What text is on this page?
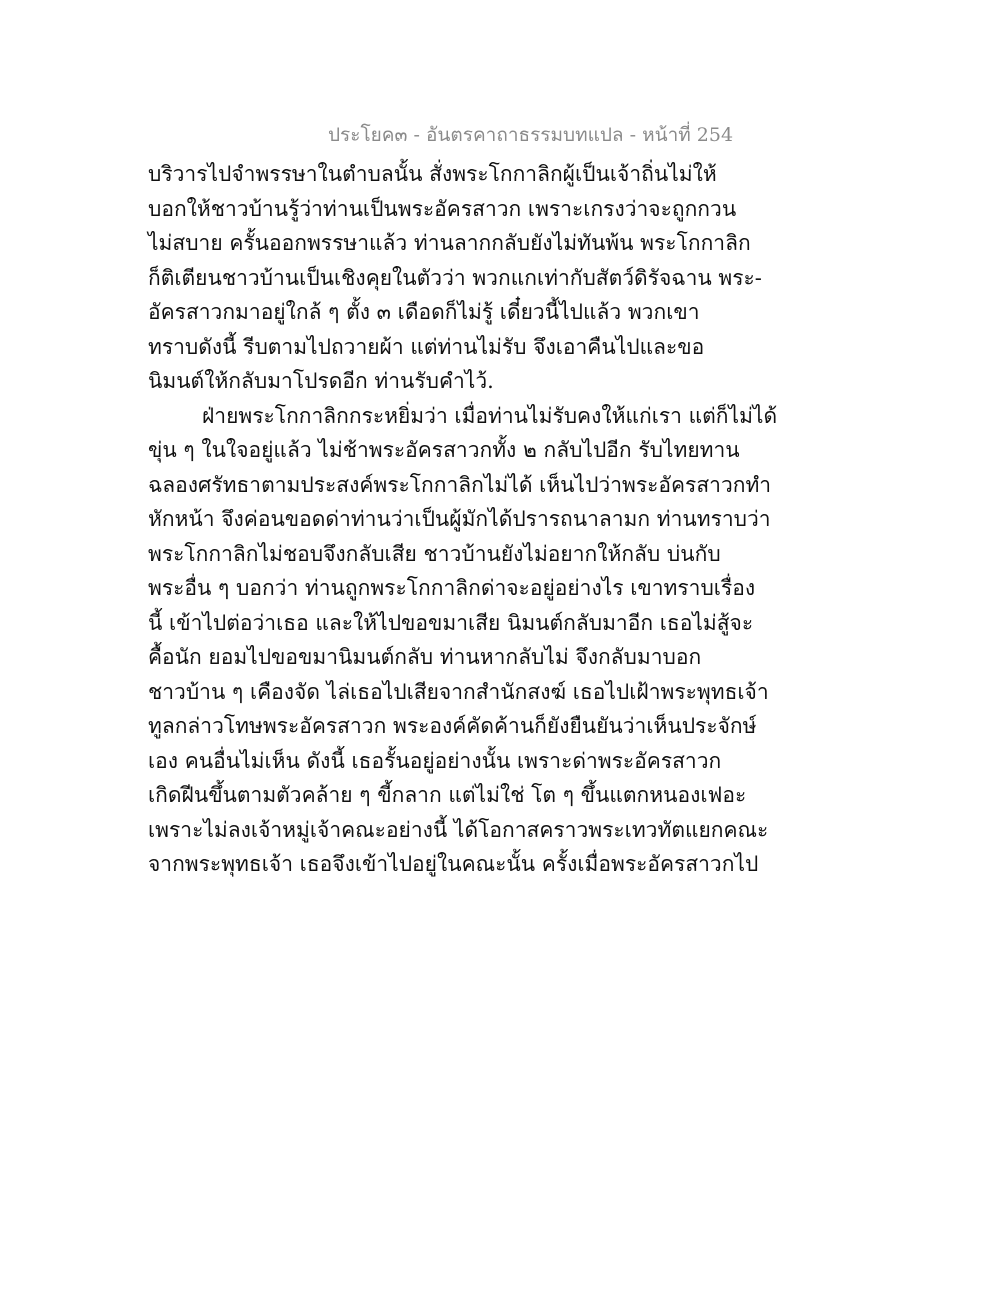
ประโยค๓ - อันตรคาถาธรรมบทแปล - หน้าที่ 254
บริวารไปจำพรรษาในตำบลนั้น สั่งพระโกกาลิกผู้เป็นเจ้าถิ่นไม่ให้
บอกให้ชาวบ้านรู้ว่าท่านเป็นพระอัครสาวก เพราะเกรงว่าจะถูกกวน
ไม่สบาย ครั้นออกพรรษาแล้ว ท่านลากกลับยังไม่ทันพ้น พระโกกาลิก
ก็ติเตียนชาวบ้านเป็นเชิงคุยในตัวว่า พวกแกเท่ากับสัตว์ดิรัจฉาน พระ-
อัครสาวกมาอยู่ใกล้ ๆ ตั้ง ๓ เดือดก็ไม่รู้ เดี๋ยวนี้ไปแล้ว พวกเขา
ทราบดังนี้ รีบตามไปถวายผ้า แต่ท่านไม่รับ จึงเอาคืนไปและขอ
นิมนต์ให้กลับมาโปรดอีก ท่านรับคำไว้.
ฝ่ายพระโกกาลิกกระหยิ่มว่า เมื่อท่านไม่รับคงให้แก่เรา แต่ก็ไม่ได้
ขุ่น ๆ ในใจอยู่แล้ว ไม่ช้าพระอัครสาวกทั้ง ๒ กลับไปอีก รับไทยทาน
ฉลองศรัทธาตามประสงค์พระโกกาลิกไม่ได้ เห็นไปว่าพระอัครสาวกทำ
หักหน้า จึงค่อนขอดด่าท่านว่าเป็นผู้มักได้ปรารถนาลามก ท่านทราบว่า
พระโกกาลิกไม่ชอบจึงกลับเสีย ชาวบ้านยังไม่อยากให้กลับ บ่นกับ
พระอื่น ๆ บอกว่า ท่านถูกพระโกกาลิกด่าจะอยู่อย่างไร เขาทราบเรื่อง
นี้ เข้าไปต่อว่าเธอ และให้ไปขอขมาเสีย นิมนต์กลับมาอีก เธอไม่สู้จะ
คื้อนัก ยอมไปขอขมานิมนต์กลับ ท่านหากลับไม่ จึงกลับมาบอก
ชาวบ้าน ๆ เคืองจัด ไล่เธอไปเสียจากสำนักสงฆ์ เธอไปเฝ้าพระพุทธเจ้า
ทูลกล่าวโทษพระอัครสาวก พระองค์คัดค้านก็ยังยืนยันว่าเห็นประจักษ์
เอง คนอื่นไม่เห็น ดังนี้ เธอรั้นอยู่อย่างนั้น เพราะด่าพระอัครสาวก
เกิดฝีนขึ้นตามตัวคล้าย ๆ ขี้กลาก แต่ไม่ใช่ โต ๆ ขึ้นแตกหนองเฟอะ
เพราะไม่ลงเจ้าหมู่เจ้าคณะอย่างนี้ ได้โอกาสคราวพระเทวทัตแยกคณะ
จากพระพุทธเจ้า เธอจึงเข้าไปอยู่ในคณะนั้น ครั้งเมื่อพระอัครสาวกไป
